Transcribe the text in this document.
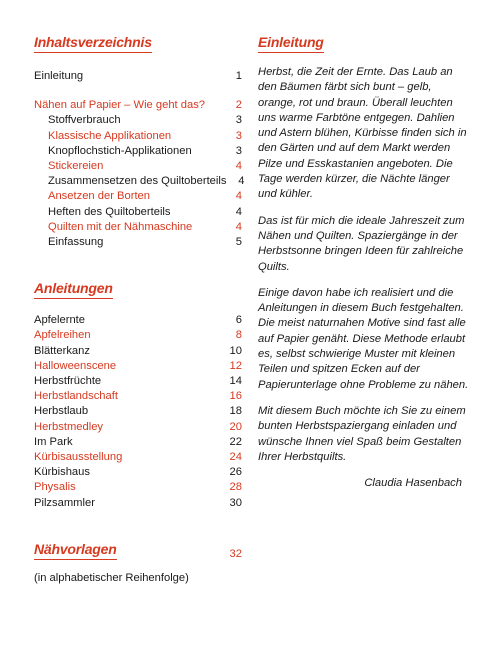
Inhaltsverzeichnis
Einleitung	1
Nähen auf Papier – Wie geht das?	2
Stoffverbrauch	3
Klassische Applikationen	3
Knopflochstich-Applikationen	3
Stickereien	4
Zusammensetzen des Quiltoberteils	4
Ansetzen der Borten	4
Heften des Quiltoberteils	4
Quilten mit der Nähmaschine	4
Einfassung	5
Anleitungen
Apfelernte	6
Apfelreihen	8
Blätterkanz	10
Halloweenscene	12
Herbstfrüchte	14
Herbstlandschaft	16
Herbstlaub	18
Herbstmedley	20
Im Park	22
Kürbisausstellung	24
Kürbishaus	26
Physalis	28
Pilzsammler	30
Nähvorlagen	32
(in alphabetischer Reihenfolge)
Einleitung

Herbst, die Zeit der Ernte. Das Laub an den Bäumen färbt sich bunt – gelb, orange, rot und braun. Überall leuchten uns warme Farbtöne entgegen. Dahlien und Astern blühen, Kürbisse finden sich in den Gärten und auf dem Markt werden Pilze und Esskastanien angeboten. Die Tage werden kürzer, die Nächte länger und kühler.

Das ist für mich die ideale Jahreszeit zum Nähen und Quilten. Spaziergänge in der Herbstsonne bringen Ideen für zahlreiche Quilts.

Einige davon habe ich realisiert und die Anleitungen in diesem Buch festgehalten. Die meist naturnahen Motive sind fast alle auf Papier genäht. Diese Methode erlaubt es, selbst schwierige Muster mit kleinen Teilen und spitzen Ecken auf der Papierunterlage ohne Probleme zu nähen.

Mit diesem Buch möchte ich Sie zu einem bunten Herbstspaziergang einladen und wünsche Ihnen viel Spaß beim Gestalten Ihrer Herbstquilts.

Claudia Hasenbach
